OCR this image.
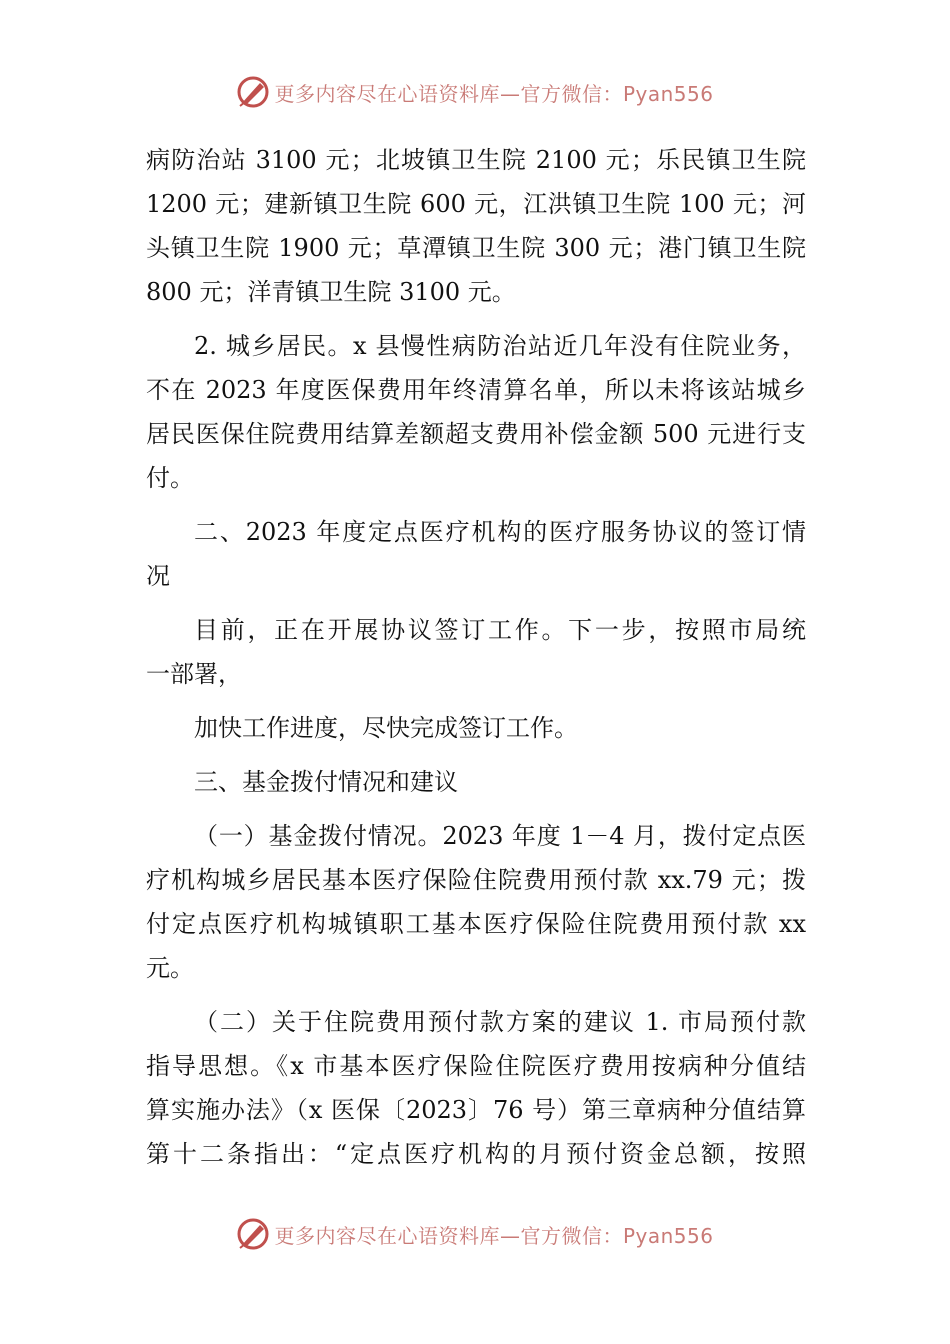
更多内容尽在心语资料库—官方微信：Pyan556
病防治站 3100 元；北坡镇卫生院 2100 元；乐民镇卫生院
1200 元；建新镇卫生院 600 元，江洪镇卫生院 100 元；河
头镇卫生院 1900 元；草潭镇卫生院 300 元；港门镇卫生院
800 元；洋青镇卫生院 3100 元。
2. 城乡居民。x 县慢性病防治站近几年没有住院业务，
不在 2023 年度医保费用年终清算名单，所以未将该站城乡
居民医保住院费用结算差额超支费用补偿金额 500 元进行支
付。
二、2023 年度定点医疗机构的医疗服务协议的签订情
况
目前，正在开展协议签订工作。下一步，按照市局统
一部署，
加快工作进度，尽快完成签订工作。
三、基金拨付情况和建议
（一）基金拨付情况。2023 年度 1－4 月，拨付定点医
疗机构城乡居民基本医疗保险住院费用预付款 xx.79 元；拨
付定点医疗机构城镇职工基本医疗保险住院费用预付款 xx
元。
（二）关于住院费用预付款方案的建议 1. 市局预付款
指导思想。《x 市基本医疗保险住院医疗费用按病种分值结
算实施办法》（x 医保〔2023〕76 号）第三章病种分值结算
第十二条指出：“定点医疗机构的月预付资金总额，按照
更多内容尽在心语资料库—官方微信：Pyan556
